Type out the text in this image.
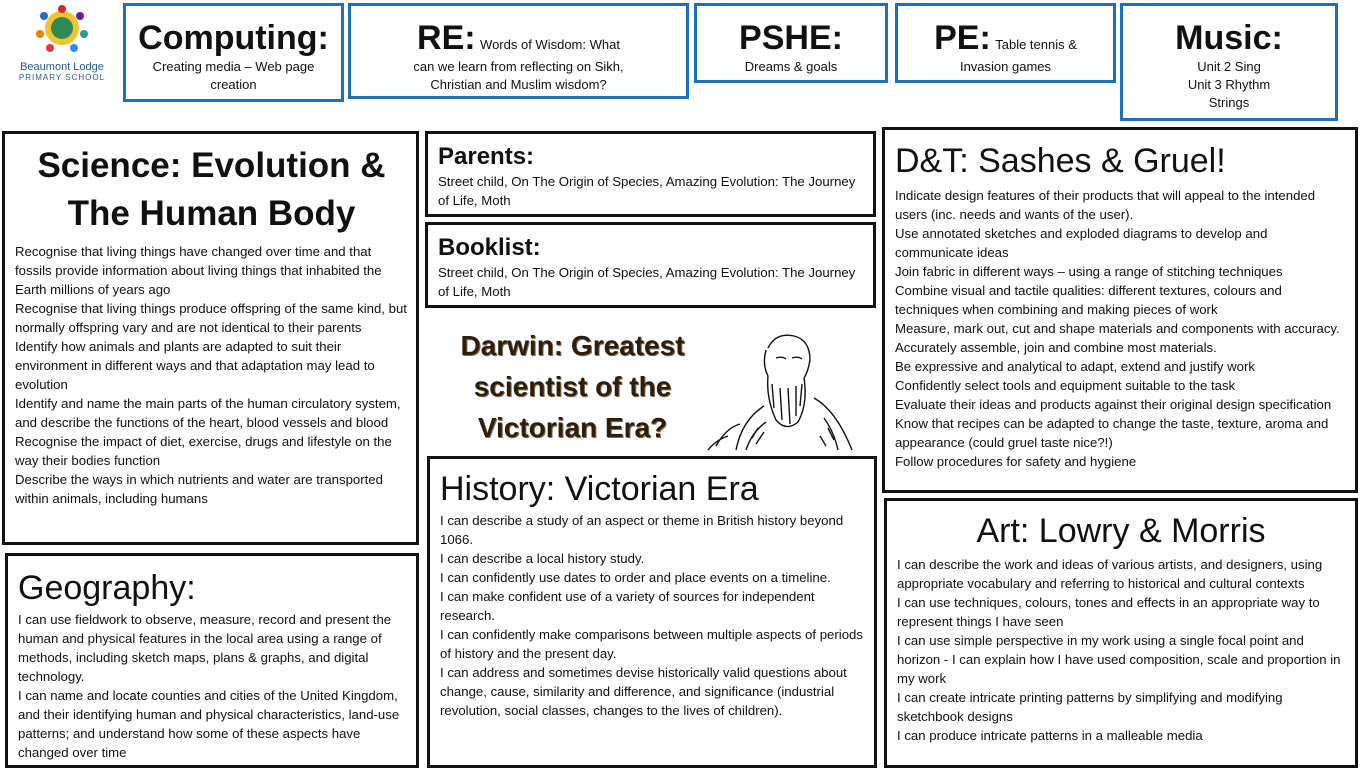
Beaumont Lodge
PRIMARY SCHOOL
Computing:
Creating media – Web page
creation
RE: Words of Wisdom: What
can we learn from reflecting on Sikh,
Christian and Muslim wisdom?
PSHE:
Dreams & goals
PE: Table tennis &
Invasion games
Music:
Unit 2 Sing
Unit 3 Rhythm
Strings
Science: Evolution &
The Human Body
Recognise that living things have changed over time and that fossils provide information about living things that inhabited the Earth millions of years ago
Recognise that living things produce offspring of the same kind, but normally offspring vary and are not identical to their parents
Identify how animals and plants are adapted to suit their environment in different ways and that adaptation may lead to evolution
Identify and name the main parts of the human circulatory system, and describe the functions of the heart, blood vessels and blood
Recognise the impact of diet, exercise, drugs and lifestyle on the way their bodies function
Describe the ways in which nutrients and water are transported within animals, including humans
Parents:
Street child, On The Origin of Species, Amazing Evolution: The Journey of Life, Moth
Booklist:
Street child, On The Origin of Species, Amazing Evolution: The Journey of Life, Moth
Darwin: Greatest
scientist of the
Victorian Era?
History: Victorian Era
I can describe a study of an aspect or theme in British history beyond 1066.
I can describe a local history study.
I can confidently use dates to order and place events on a timeline.
I can make confident use of a variety of sources for independent research.
I can confidently make comparisons between multiple aspects of periods of history and the present day.
I can address and sometimes devise historically valid questions about change, cause, similarity and difference, and significance (industrial revolution, social classes, changes to the lives of children).
Geography:
I can use fieldwork to observe, measure, record and present the human and physical features in the local area using a range of methods, including sketch maps, plans & graphs, and digital technology.
I can name and locate counties and cities of the United Kingdom, and their identifying human and physical characteristics, land-use patterns; and understand how some of these aspects have changed over time
D&T: Sashes & Gruel!
Indicate design features of their products that will appeal to the intended users (inc. needs and wants of the user).
Use annotated sketches and exploded diagrams to develop and communicate ideas
Join fabric in different ways – using a range of stitching techniques
Combine visual and tactile qualities: different textures, colours and techniques when combining and making pieces of work
Measure, mark out, cut and shape materials and components with accuracy. Accurately assemble, join and combine most materials.
Be expressive and analytical to adapt, extend and justify work
Confidently select tools and equipment suitable to the task
Evaluate their ideas and products against their original design specification
Know that recipes can be adapted to change the taste, texture, aroma and appearance (could gruel taste nice?!)
Follow procedures for safety and hygiene
Art: Lowry & Morris
I can describe the work and ideas of various artists, and designers, using appropriate vocabulary and referring to historical and cultural contexts
I can use techniques, colours, tones and effects in an appropriate way to represent things I have seen
I can use simple perspective in my work using a single focal point and horizon - I can explain how I have used composition, scale and proportion in my work
I can create intricate printing patterns by simplifying and modifying sketchbook designs
I can produce intricate patterns in a malleable media
